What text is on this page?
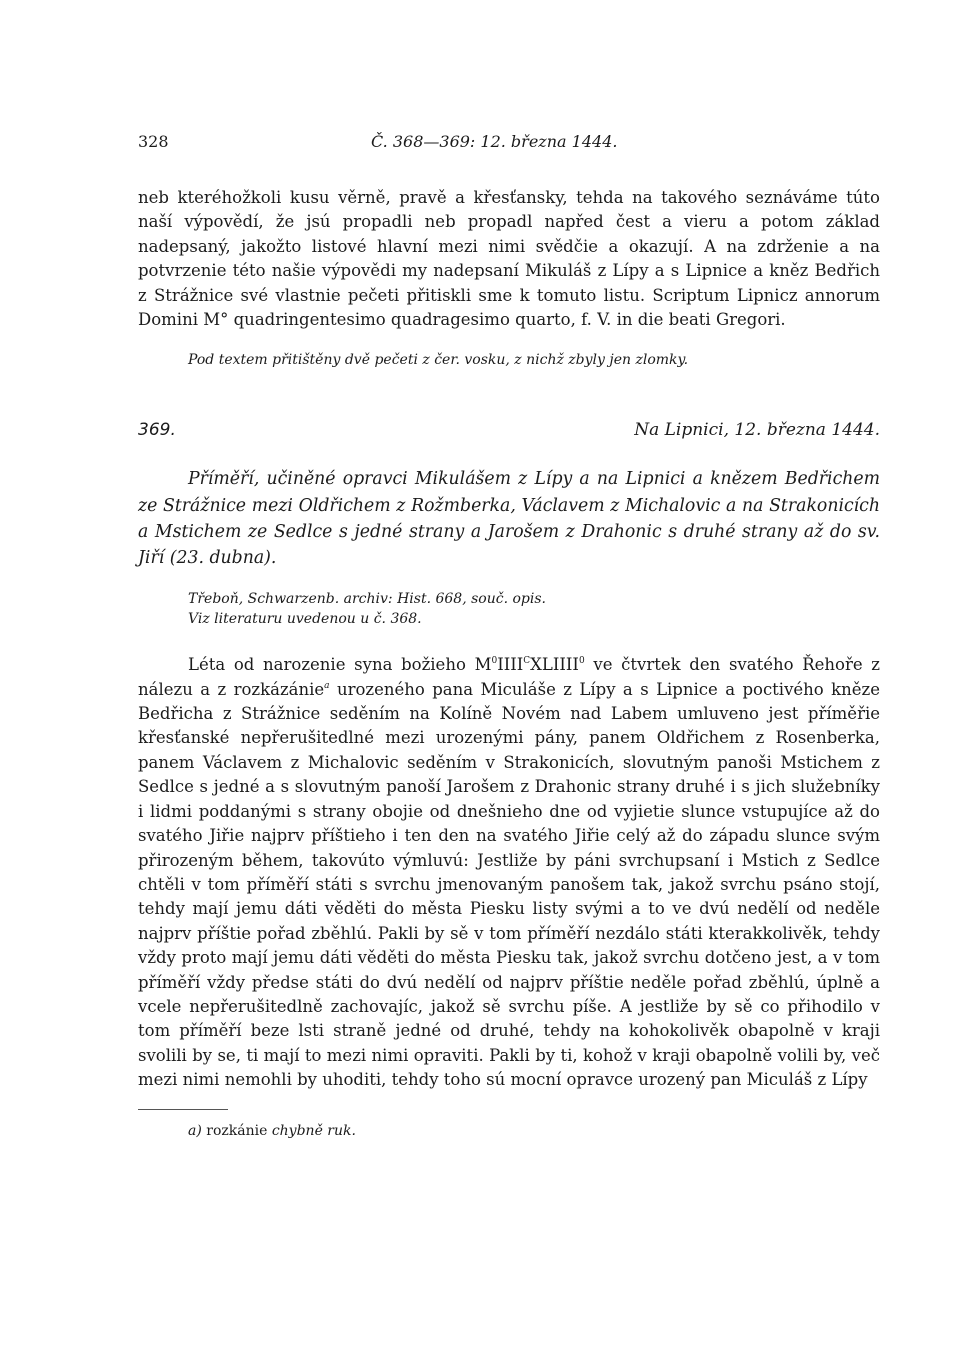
328	Č. 368—369: 12. března 1444.

neb kteréhožkoli kusu věrně, pravě a křesťansky, tehda na takového seznáváme túto naší výpovědí, že jsú propadli neb propadl napřed čest a vieru a potom základ nadepsaný, jakožto listové hlavní mezi nimi svědčie a okazují. A na zdrženie a na potvrzenie této našie výpovědi my nadepsaní Mikuláš z Lípy a s Lipnice a kněz Bedřich z Strážnice své vlastnie pečeti přitiskli sme k tomuto listu. Scriptum Lipnicz annorum Domini M° quadringentesimo quadragesimo quarto, f. V. in die beati Gregori.

Pod textem přitištěny dvě pečeti z čer. vosku, z nichž zbyly jen zlomky.

369.	Na Lipnici, 12. března 1444.

Příměří, učiněné opravci Mikulášem z Lípy a na Lipnici a knězem Bedřichem ze Strážnice mezi Oldřichem z Rožmberka, Václavem z Michalovic a na Strakonicích a Mstichem ze Sedlce s jedné strany a Jarošem z Drahonic s druhé strany až do sv. Jiří (23. dubna).

Třeboň, Schwarzenb. archiv: Hist. 668, souč. opis.

Viz literaturu uvedenou u č. 368.

Léta od narozenie syna božieho $M^0IIII^CXLIIII^0$ ve čtvrtek den svatého Řehoře z nálezu a z rozkázánie$^a$ urozeného pana Miculáše z Lípy a s Lipnice a poctivého kněze Bedřicha z Strážnice seděním na Kolíně Novém nad Labem umluveno jest příměřie křesťanské nepřerušitedlné mezi urozenými pány, panem Oldřichem z Rosenberka, panem Václavem z Michalovic seděním v Strakonicích, slovutným panoši Mstichem z Sedlce s jedné a s slovutným panoší Jarošem z Drahonic strany druhé i s jich služebníky i lidmi poddanými s strany obojie od dnešnieho dne od vyjietie slunce vstupujíce až do svatého Jiřie najprv příštieho i ten den na svatého Jiřie celý až do západu slunce svým přirozeným během, takovúto výmluvú: Jestliže by páni svrchupsaní i Mstich z Sedlce chtěli v tom příměří státi s svrchu jmenovaným panošem tak, jakož svrchu psáno stojí, tehdy mají jemu dáti věděti do města Piesku listy svými a to ve dvú nedělí od neděle najprv příštie pořad zběhlú. Pakli by sě v tom příměří nezdálo státi kterakkolivěk, tehdy vždy proto mají jemu dáti věděti do města Piesku tak, jakož svrchu dotčeno jest, a v tom příměří vždy předse státi do dvú nedělí od najprv příštie neděle pořad zběhlú, úplně a vcele nepřerušitedlně zachovajíc, jakož sě svrchu píše. A jestližе by sě co přihodilo v tom příměří beze lsti straně jedné od druhé, tehdy na kohokolivěk obapolně v kraji svolili by se, ti mají to mezi nimi opraviti. Pakli by ti, kohož v kraji obapolně volili by, več mezi nimi nemohli by uhoditi, tehdy toho sú mocní opravce urozený pan Miculáš z Lípy

a) rozkánie chybně ruk.
